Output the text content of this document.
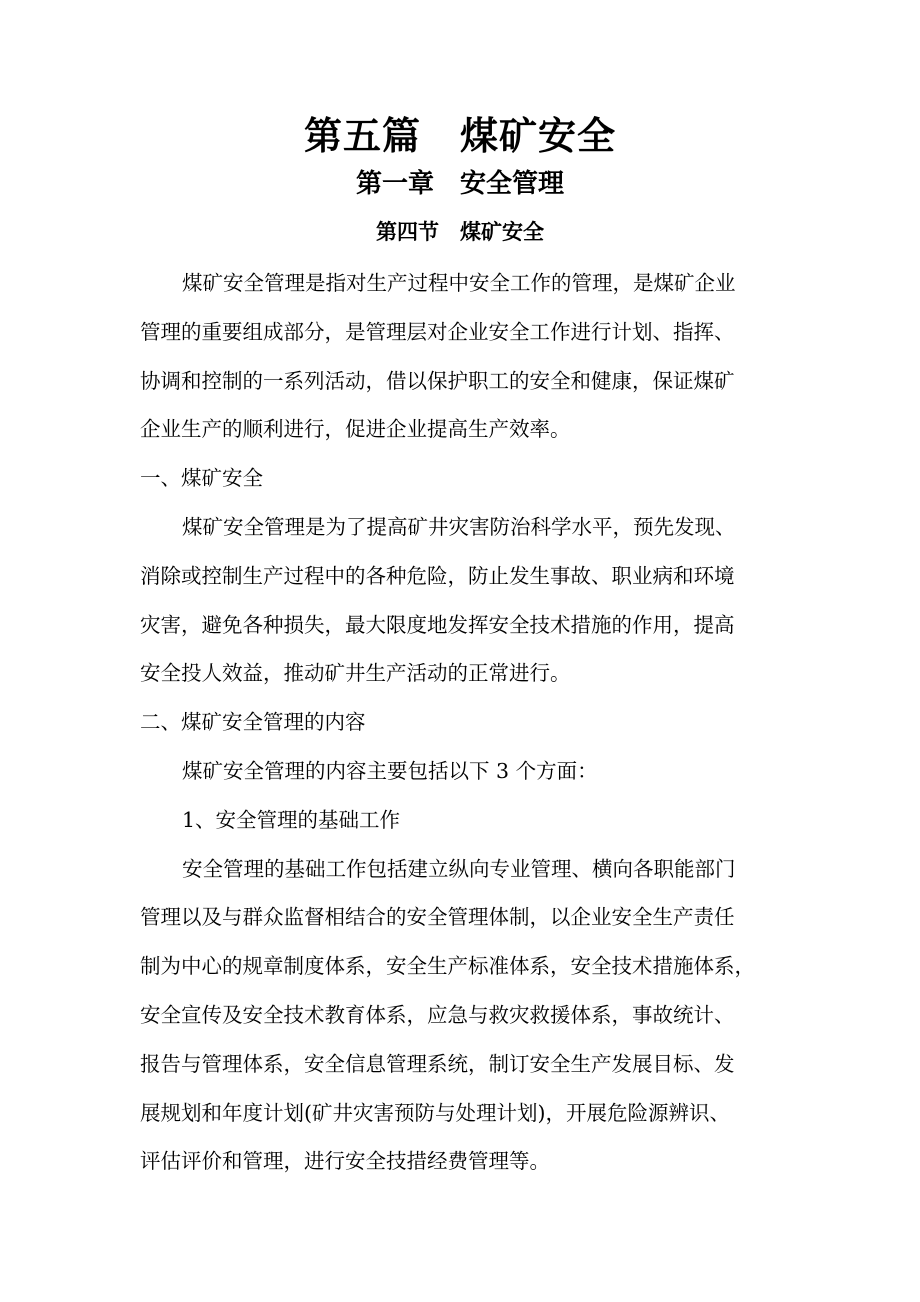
第五篇　煤矿安全
第一章　安全管理
第四节　煤矿安全
煤矿安全管理是指对生产过程中安全工作的管理，是煤矿企业
管理的重要组成部分，是管理层对企业安全工作进行计划、指挥、
协调和控制的一系列活动，借以保护职工的安全和健康，保证煤矿
企业生产的顺利进行，促进企业提高生产效率。
一、煤矿安全
煤矿安全管理是为了提高矿井灾害防治科学水平，预先发现、
消除或控制生产过程中的各种危险，防止发生事故、职业病和环境
灾害，避免各种损失，最大限度地发挥安全技术措施的作用，提高
安全投人效益，推动矿井生产活动的正常进行。
二、煤矿安全管理的内容
煤矿安全管理的内容主要包括以下 3 个方面：
1、安全管理的基础工作
安全管理的基础工作包括建立纵向专业管理、横向各职能部门
管理以及与群众监督相结合的安全管理体制，以企业安全生产责任
制为中心的规章制度体系，安全生产标准体系，安全技术措施体系，
安全宣传及安全技术教育体系，应急与救灾救援体系，事故统计、
报告与管理体系，安全信息管理系统，制订安全生产发展目标、发
展规划和年度计划(矿井灾害预防与处理计划)，开展危险源辨识、
评估评价和管理，进行安全技措经费管理等。
